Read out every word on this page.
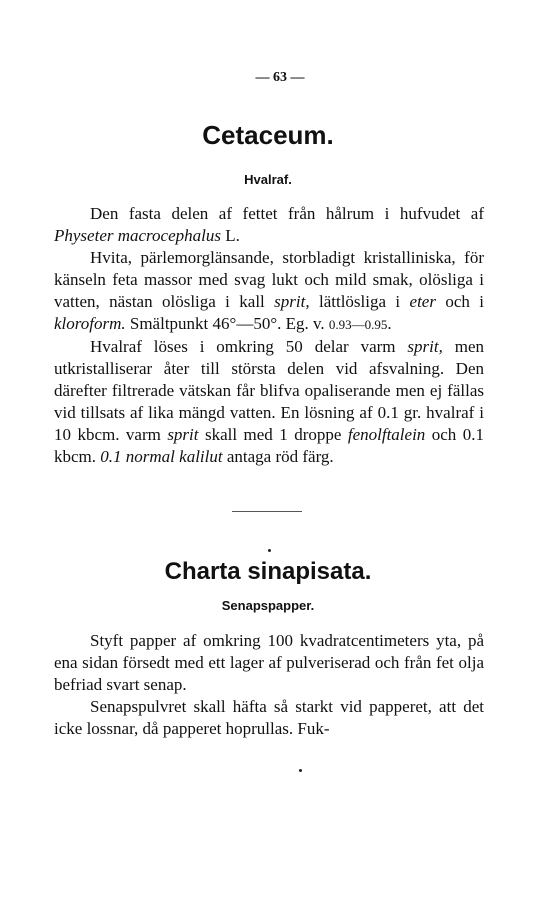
— 63 —
Cetaceum.
Hvalraf.

Den fasta delen af fettet från hålrum i hufvudet af Physeter macrocephalus L.

Hvita, pärlemorglänsande, storbladigt kristalliniska, för känseln feta massor med svag lukt och mild smak, olösliga i vatten, nästan olösliga i kall sprit, lättlösliga i eter och i kloroform. Smältpunkt 46°—50°. Eg. v. 0.93—0.95.

Hvalraf löses i omkring 50 delar varm sprit, men utkristalliserar åter till största delen vid afsvalning. Den därefter filtrerade vätskan får blifva opaliserande men ej fällas vid tillsats af lika mängd vatten. En lösning af 0.1 gr. hvalraf i 10 kbcm. varm sprit skall med 1 droppe fenolftalein och 0.1 kbcm. 0.1 normal kalilut antaga röd färg.

Charta sinapisata.
Senapspapper.

Styft papper af omkring 100 kvadratcentimeters yta, på ena sidan försedt med ett lager af pulveriserad och från fet olja befriad svart senap.

Senapspulvret skall häfta så starkt vid papperet, att det icke lossnar, då papperet hoprullas. Fuk-
